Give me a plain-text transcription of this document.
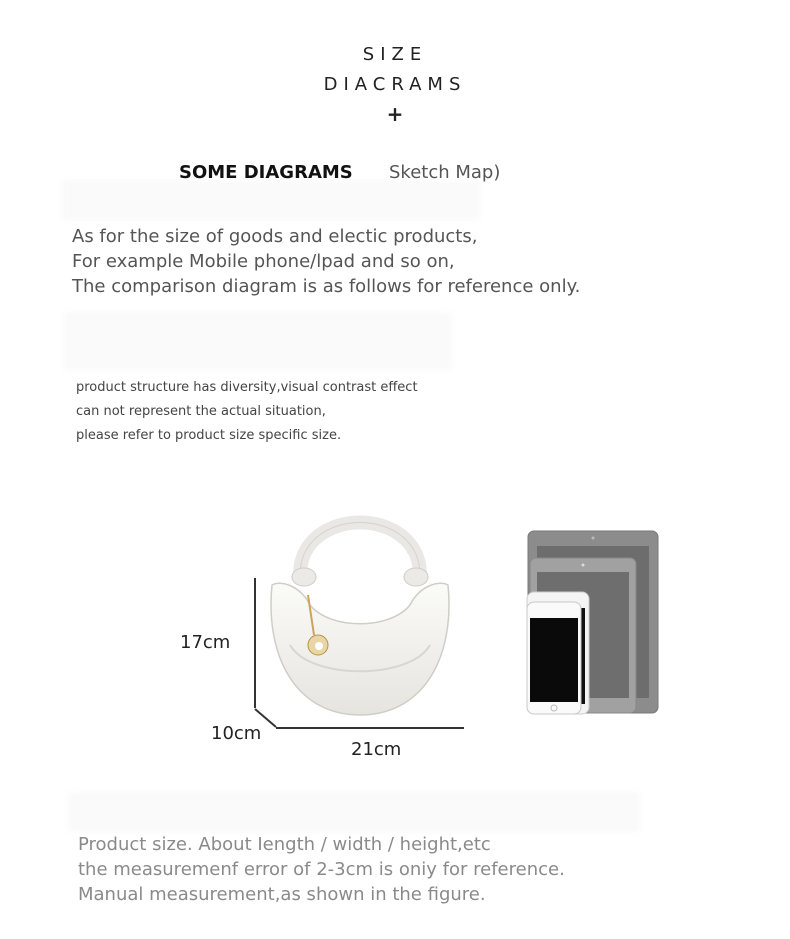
SIZE
DIACRAMS
+
SOME DIAGRAMS Sketch Map)
As for the size of goods and electic products,
For example Mobile phone/lpad and so on,
The comparison diagram is as follows for reference only.
product structure has diversity,visual contrast effect
can not represent the actual situation,
please refer to product size specific size.
17cm
10cm
21cm
Product size. About Iength / width / height,etc
the measuremenf error of 2-3cm is oniy for reference.
Manual measurement,as shown in the figure.
